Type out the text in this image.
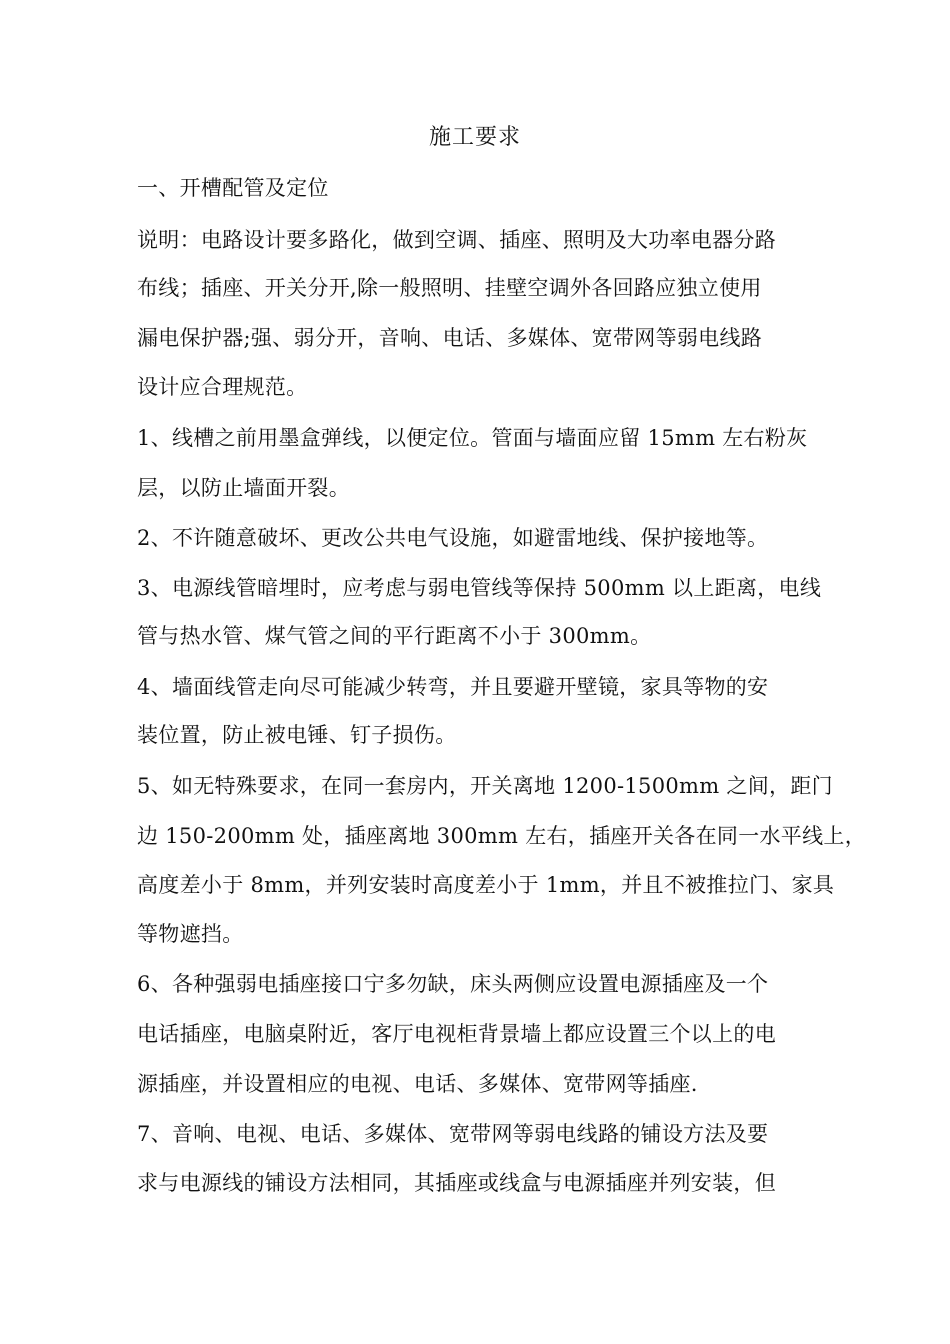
施工要求
一、开槽配管及定位
说明：电路设计要多路化，做到空调、插座、照明及大功率电器分路
布线；插座、开关分开,除一般照明、挂壁空调外各回路应独立使用
漏电保护器;强、弱分开，音响、电话、多媒体、宽带网等弱电线路
设计应合理规范。
1、线槽之前用墨盒弹线，以便定位。管面与墙面应留 15mm 左右粉灰
层，以防止墙面开裂。
2、不许随意破坏、更改公共电气设施，如避雷地线、保护接地等。
3、电源线管暗埋时，应考虑与弱电管线等保持 500mm 以上距离，电线
管与热水管、煤气管之间的平行距离不小于 300mm。
4、墙面线管走向尽可能减少转弯，并且要避开壁镜，家具等物的安
装位置，防止被电锤、钉子损伤。
5、如无特殊要求，在同一套房内，开关离地 1200-1500mm 之间，距门
边 150-200mm 处，插座离地 300mm 左右，插座开关各在同一水平线上，
高度差小于 8mm，并列安装时高度差小于 1mm，并且不被推拉门、家具
等物遮挡。
6、各种强弱电插座接口宁多勿缺，床头两侧应设置电源插座及一个
电话插座，电脑桌附近，客厅电视柜背景墙上都应设置三个以上的电
源插座，并设置相应的电视、电话、多媒体、宽带网等插座.
7、音响、电视、电话、多媒体、宽带网等弱电线路的铺设方法及要
求与电源线的铺设方法相同，其插座或线盒与电源插座并列安装，但
